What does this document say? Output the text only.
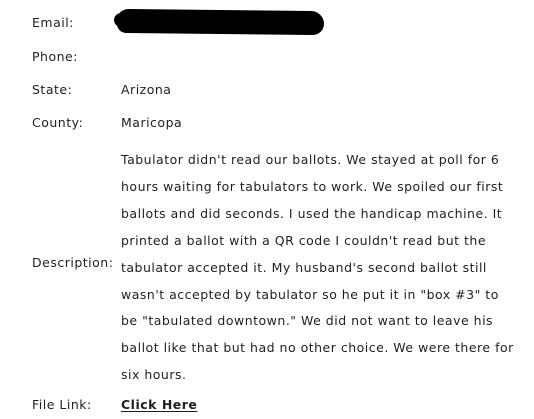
Email:
Phone:
State:	Arizona
County:	Maricopa
Description:
Tabulator didn't read our ballots. We stayed at poll for 6 hours waiting for tabulators to work. We spoiled our first ballots and did seconds. I used the handicap machine. It printed a ballot with a QR code I couldn't read but the tabulator accepted it. My husband's second ballot still wasn't accepted by tabulator so he put it in "box #3" to be "tabulated downtown." We did not want to leave his ballot like that but had no other choice. We were there for six hours.
File Link: Click Here
